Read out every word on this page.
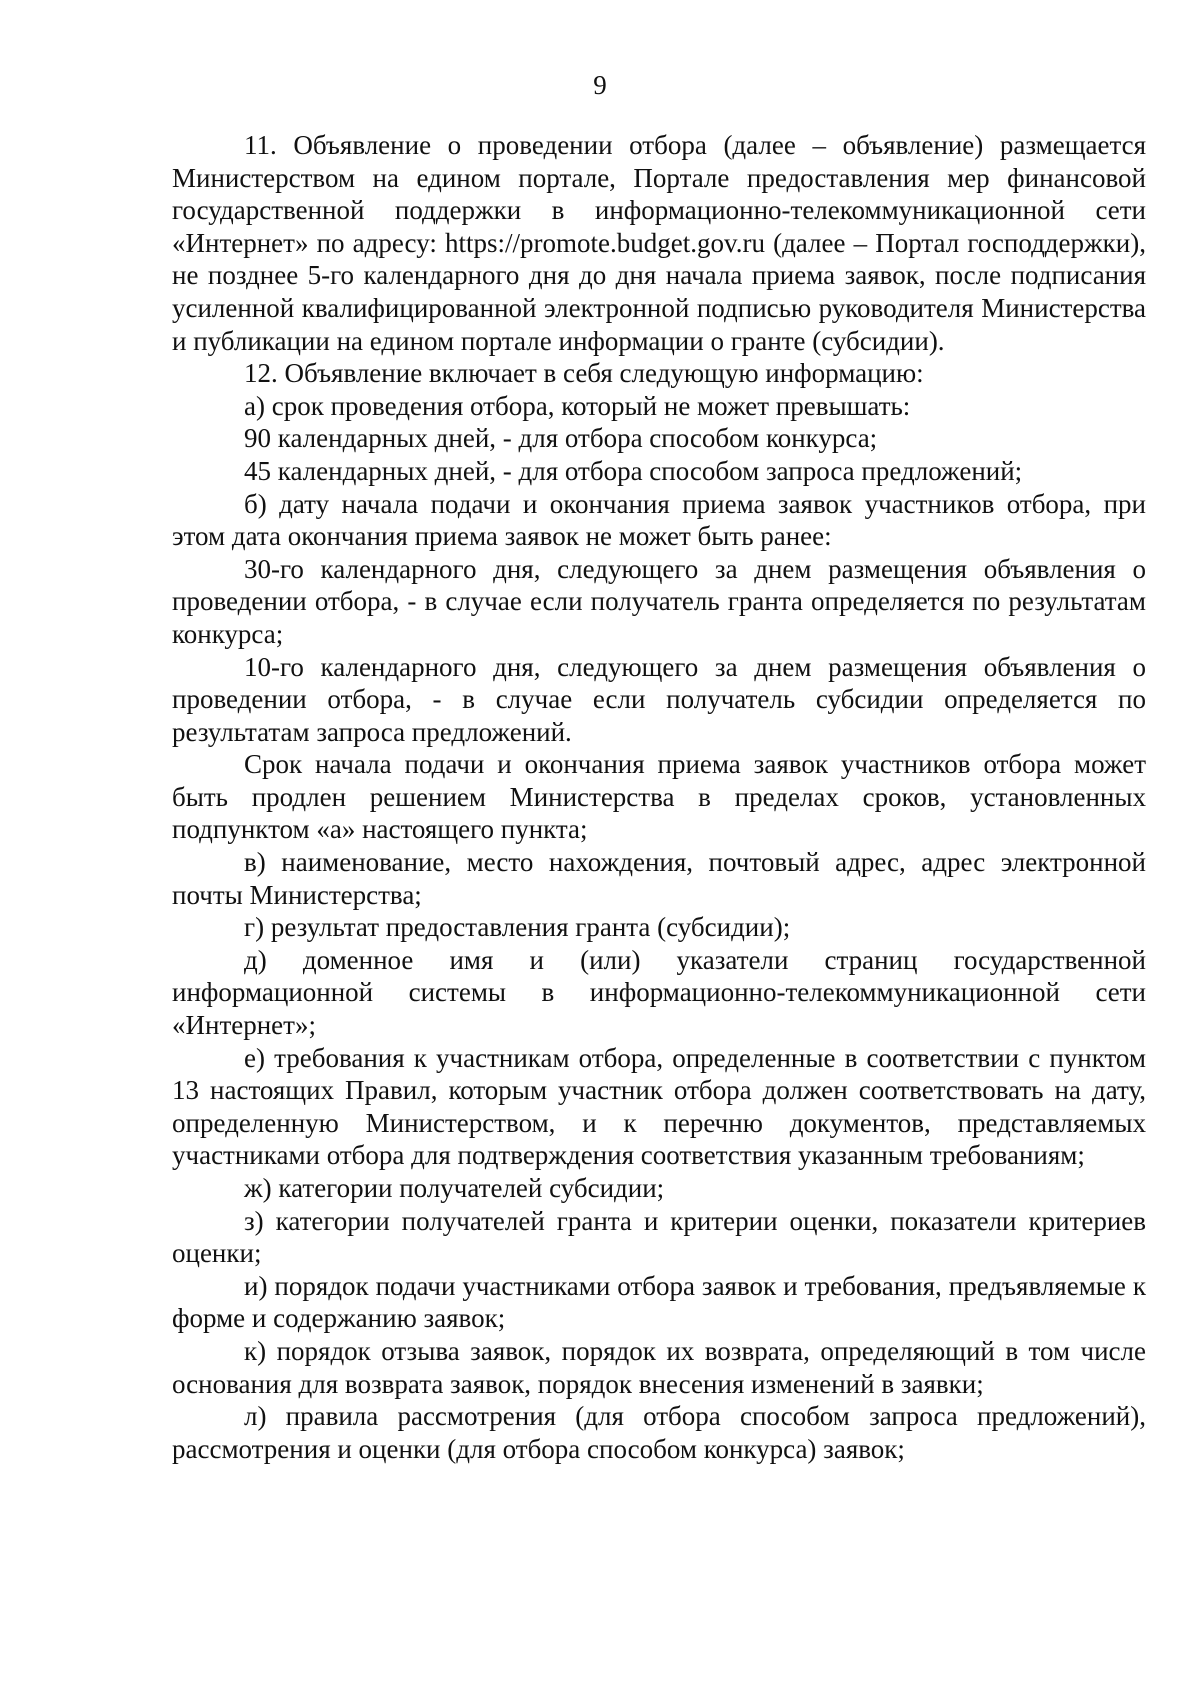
9

11. Объявление о проведении отбора (далее – объявление) размещается Министерством на едином портале, Портале предоставления мер финансовой государственной поддержки в информационно-телекоммуникационной сети «Интернет» по адресу: https://promote.budget.gov.ru (далее – Портал господдержки), не позднее 5-го календарного дня до дня начала приема заявок, после подписания усиленной квалифицированной электронной подписью руководителя Министерства и публикации на едином портале информации о гранте (субсидии).

12. Объявление включает в себя следующую информацию:

а) срок проведения отбора, который не может превышать:

90 календарных дней, - для отбора способом конкурса;

45 календарных дней, - для отбора способом запроса предложений;

б) дату начала подачи и окончания приема заявок участников отбора, при этом дата окончания приема заявок не может быть ранее:

30-го календарного дня, следующего за днем размещения объявления о проведении отбора, - в случае если получатель гранта определяется по результатам конкурса;

10-го календарного дня, следующего за днем размещения объявления о проведении отбора, - в случае если получатель субсидии определяется по результатам запроса предложений.

Срок начала подачи и окончания приема заявок участников отбора может быть продлен решением Министерства в пределах сроков, установленных подпунктом «а» настоящего пункта;

в) наименование, место нахождения, почтовый адрес, адрес электронной почты Министерства;

г) результат предоставления гранта (субсидии);

д) доменное имя и (или) указатели страниц государственной информационной системы в информационно-телекоммуникационной сети «Интернет»;

е) требования к участникам отбора, определенные в соответствии с пунктом 13 настоящих Правил, которым участник отбора должен соответствовать на дату, определенную Министерством, и к перечню документов, представляемых участниками отбора для подтверждения соответствия указанным требованиям;

ж) категории получателей субсидии;

з) категории получателей гранта и критерии оценки, показатели критериев оценки;

и) порядок подачи участниками отбора заявок и требования, предъявляемые к форме и содержанию заявок;

к) порядок отзыва заявок, порядок их возврата, определяющий в том числе основания для возврата заявок, порядок внесения изменений в заявки;

л) правила рассмотрения (для отбора способом запроса предложений), рассмотрения и оценки (для отбора способом конкурса) заявок;
